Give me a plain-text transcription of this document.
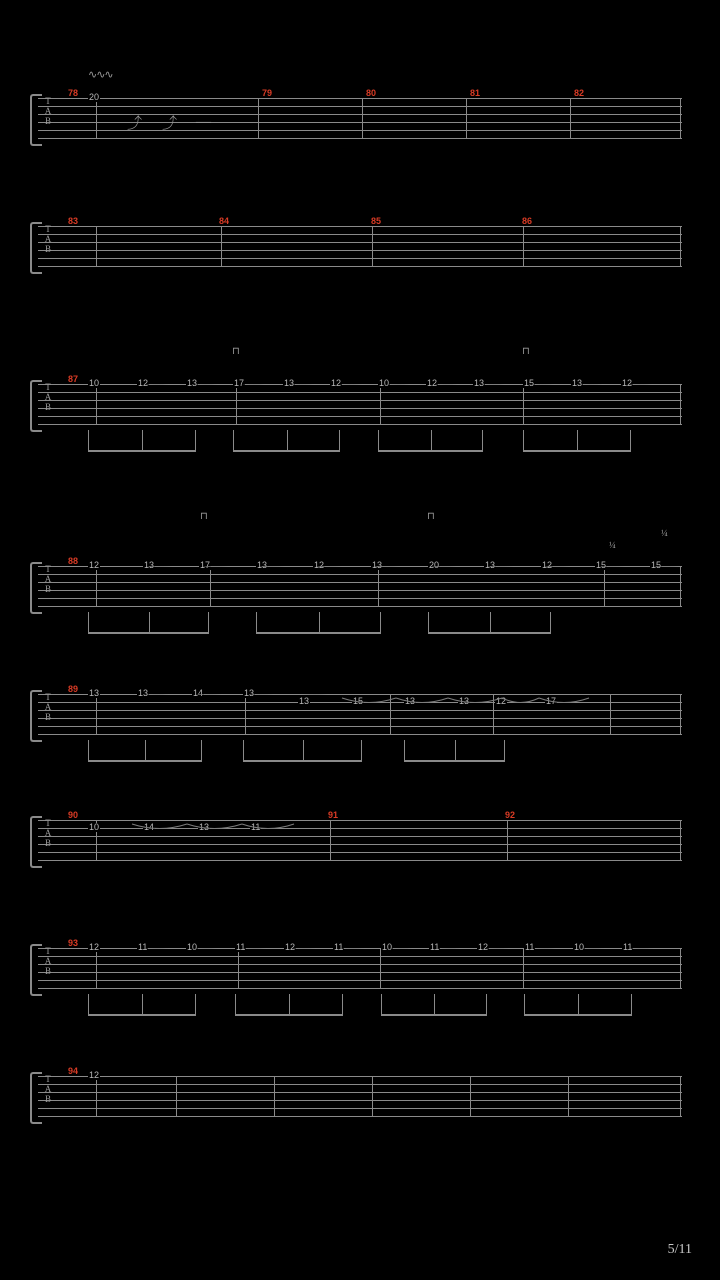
T
A
B
78	79	80	81	82
20
∿∿∿
⤴ ⤴ —
T
A
B
83	84	85	86
T
A
B
87 10	12	13	17	13	12	10	12	13	15	13	12
⊓	⊓
T
A
B
88 12	13	17	13	12	13	20	13	12	15	15
⊓	⊓
¼
¼
T
A
B
89 13	13	14	13
13	15	13	13	12	17
T
A
B
90	91	92
10	14	13	11
T
A
B
93 12	11	10	11	12	11	10	11	12	11	10	11
T
A
B
94 12
5/11
